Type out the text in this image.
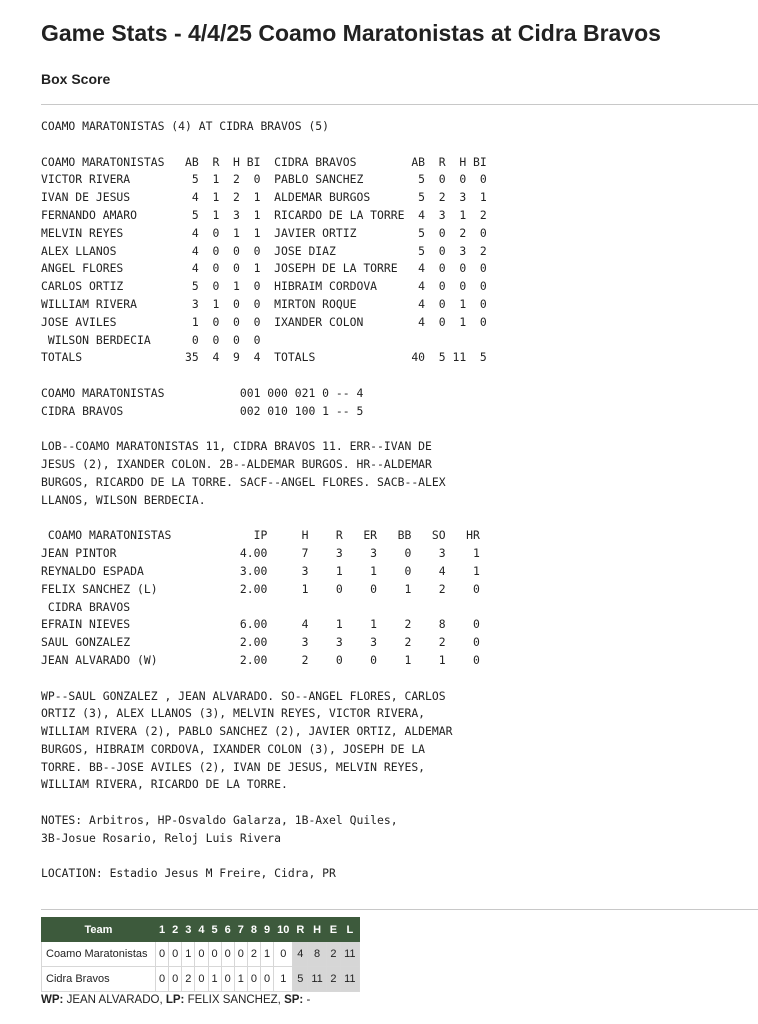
Game Stats - 4/4/25 Coamo Maratonistas at Cidra Bravos
Box Score
COAMO MARATONISTAS (4) AT CIDRA BRAVOS (5)
COAMO MARATONISTAS   AB  R  H BI  CIDRA BRAVOS        AB  R  H BI
VICTOR RIVERA         5  1  2  0  PABLO SANCHEZ        5  0  0  0
IVAN DE JESUS         4  1  2  1  ALDEMAR BURGOS       5  2  3  1
FERNANDO AMARO        5  1  3  1  RICARDO DE LA TORRE  4  3  1  2
MELVIN REYES          4  0  1  1  JAVIER ORTIZ         5  0  2  0
ALEX LLANOS           4  0  0  0  JOSE DIAZ            5  0  3  2
ANGEL FLORES          4  0  0  1  JOSEPH DE LA TORRE   4  0  0  0
CARLOS ORTIZ          5  0  1  0  HIBRAIM CORDOVA      4  0  0  0
WILLIAM RIVERA        3  1  0  0  MIRTON ROQUE         4  0  1  0
JOSE AVILES           1  0  0  0  IXANDER COLON        4  0  1  0
WILSON BERDECIA      0  0  0  0
TOTALS               35  4  9  4  TOTALS              40  5 11  5
COAMO MARATONISTAS           001 000 021 0 -- 4
CIDRA BRAVOS                 002 010 100 1 -- 5
LOB--COAMO MARATONISTAS 11, CIDRA BRAVOS 11. ERR--IVAN DE
JESUS (2), IXANDER COLON. 2B--ALDEMAR BURGOS. HR--ALDEMAR
BURGOS, RICARDO DE LA TORRE. SACF--ANGEL FLORES. SACB--ALEX
LLANOS, WILSON BERDECIA.
COAMO MARATONISTAS            IP     H    R   ER   BB   SO   HR
JEAN PINTOR                  4.00     7    3    3    0    3    1
REYNALDO ESPADA              3.00     3    1    1    0    4    1
FELIX SANCHEZ (L)            2.00     1    0    0    1    2    0
CIDRA BRAVOS
EFRAIN NIEVES                6.00     4    1    1    2    8    0
SAUL GONZALEZ                2.00     3    3    3    2    2    0
JEAN ALVARADO (W)            2.00     2    0    0    1    1    0
WP--SAUL GONZALEZ , JEAN ALVARADO. SO--ANGEL FLORES, CARLOS
ORTIZ (3), ALEX LLANOS (3), MELVIN REYES, VICTOR RIVERA,
WILLIAM RIVERA (2), PABLO SANCHEZ (2), JAVIER ORTIZ, ALDEMAR
BURGOS, HIBRAIM CORDOVA, IXANDER COLON (3), JOSEPH DE LA
TORRE. BB--JOSE AVILES (2), IVAN DE JESUS, MELVIN REYES,
WILLIAM RIVERA, RICARDO DE LA TORRE.
NOTES: Arbitros, HP-Osvaldo Galarza, 1B-Axel Quiles,
3B-Josue Rosario, Reloj Luis Rivera
LOCATION: Estadio Jesus M Freire, Cidra, PR
Team	1	2	3	4	5	6	7	8	9	10	R	H	E	L
Coamo Maratonistas	0	0	1	0	0	0	0	2	1	0	4	8	2	11
Cidra Bravos	0	0	2	0	1	0	1	0	0	1	5	11	2	11
WP: JEAN ALVARADO, LP: FELIX SANCHEZ, SP: -
